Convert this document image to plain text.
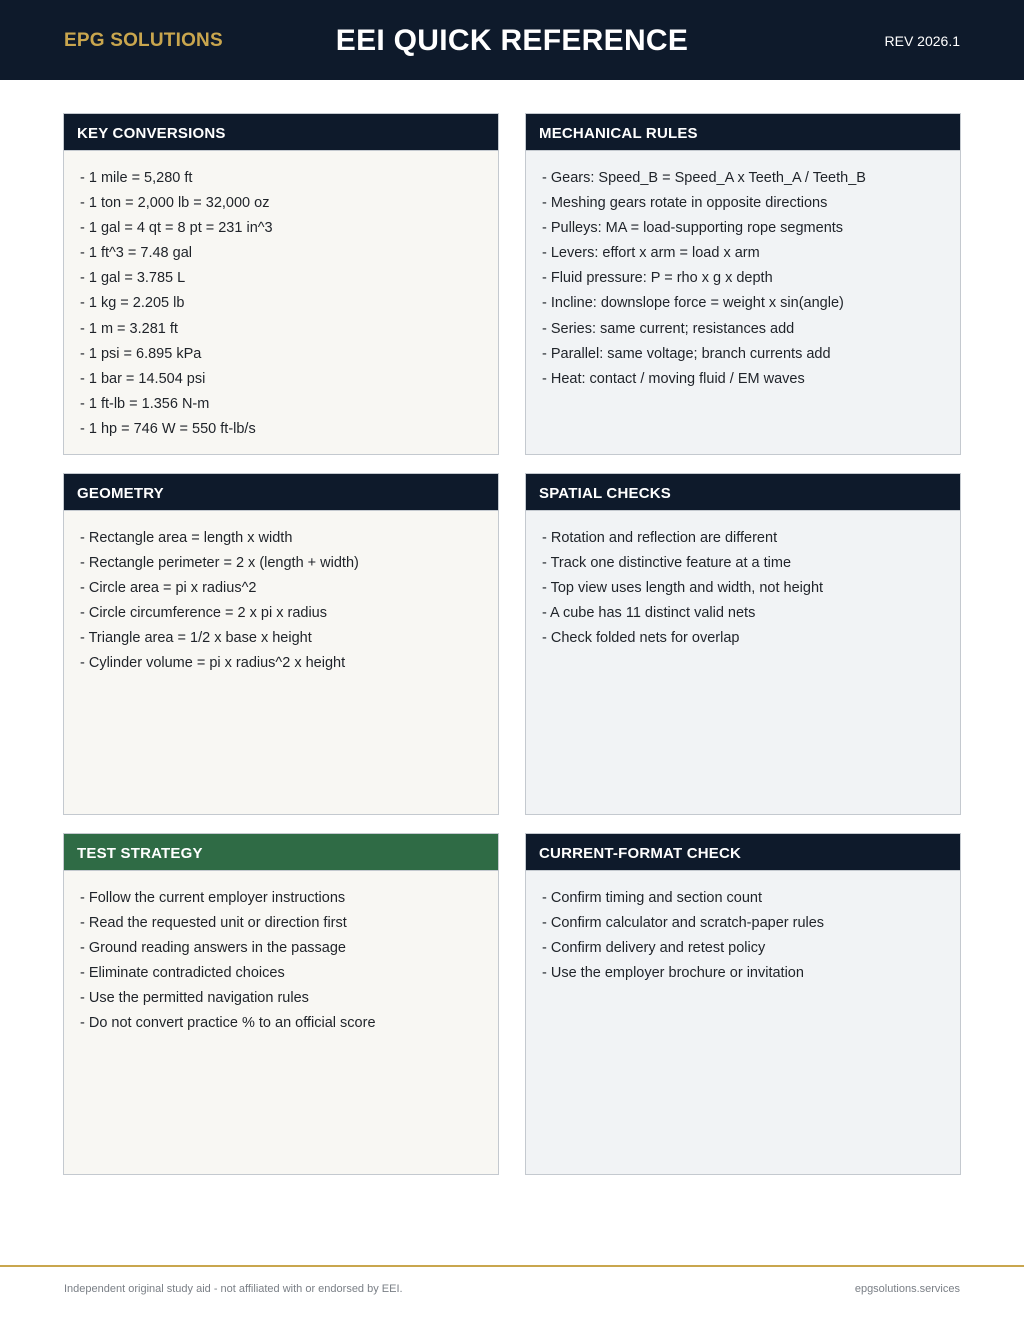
EPG SOLUTIONS	EEI QUICK REFERENCE	REV 2026.1
KEY CONVERSIONS
- 1 mile = 5,280 ft
- 1 ton = 2,000 lb = 32,000 oz
- 1 gal = 4 qt = 8 pt = 231 in^3
- 1 ft^3 = 7.48 gal
- 1 gal = 3.785 L
- 1 kg = 2.205 lb
- 1 m = 3.281 ft
- 1 psi = 6.895 kPa
- 1 bar = 14.504 psi
- 1 ft-lb = 1.356 N-m
- 1 hp = 746 W = 550 ft-lb/s
MECHANICAL RULES
- Gears: Speed_B = Speed_A x Teeth_A / Teeth_B
- Meshing gears rotate in opposite directions
- Pulleys: MA = load-supporting rope segments
- Levers: effort x arm = load x arm
- Fluid pressure: P = rho x g x depth
- Incline: downslope force = weight x sin(angle)
- Series: same current; resistances add
- Parallel: same voltage; branch currents add
- Heat: contact / moving fluid / EM waves
GEOMETRY
- Rectangle area = length x width
- Rectangle perimeter = 2 x (length + width)
- Circle area = pi x radius^2
- Circle circumference = 2 x pi x radius
- Triangle area = 1/2 x base x height
- Cylinder volume = pi x radius^2 x height
SPATIAL CHECKS
- Rotation and reflection are different
- Track one distinctive feature at a time
- Top view uses length and width, not height
- A cube has 11 distinct valid nets
- Check folded nets for overlap
TEST STRATEGY
- Follow the current employer instructions
- Read the requested unit or direction first
- Ground reading answers in the passage
- Eliminate contradicted choices
- Use the permitted navigation rules
- Do not convert practice % to an official score
CURRENT-FORMAT CHECK
- Confirm timing and section count
- Confirm calculator and scratch-paper rules
- Confirm delivery and retest policy
- Use the employer brochure or invitation
Independent original study aid - not affiliated with or endorsed by EEI.	epgsolutions.services
